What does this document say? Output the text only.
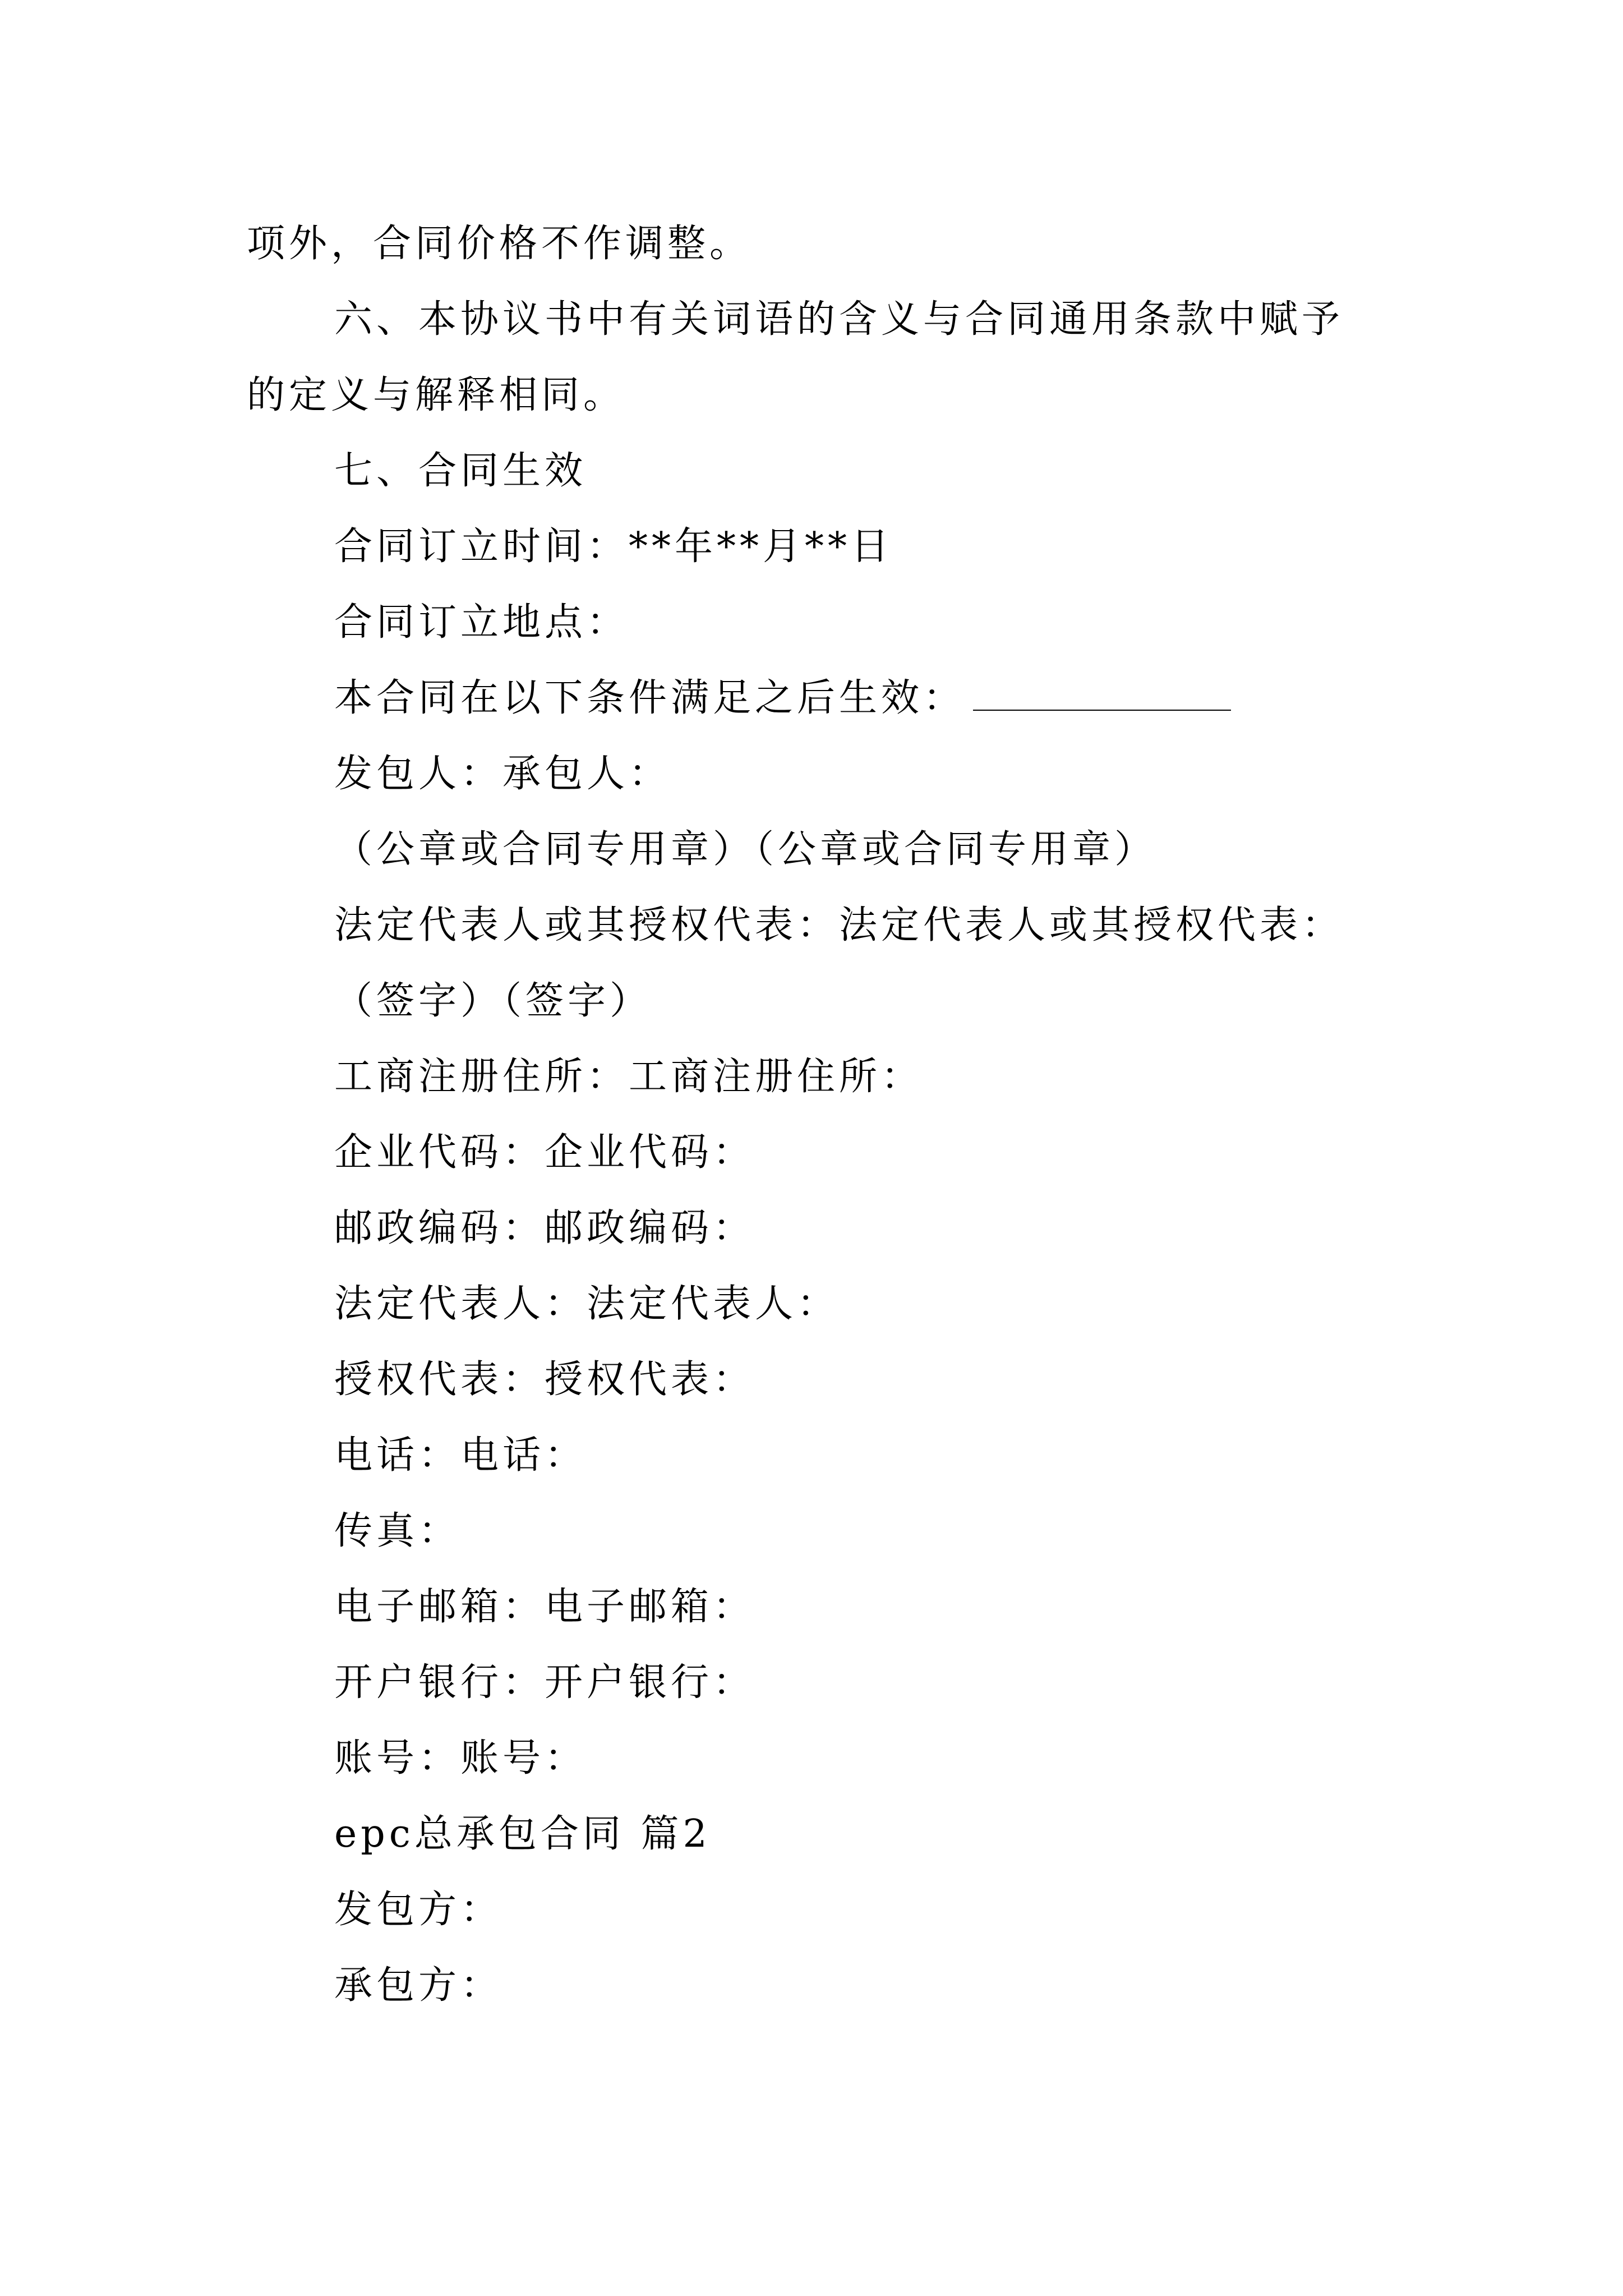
项外，合同价格不作调整。
六、本协议书中有关词语的含义与合同通用条款中赋予
的定义与解释相同。
七、合同生效
合同订立时间：**年**月**日
合同订立地点：
本合同在以下条件满足之后生效：
发包人：承包人：
（公章或合同专用章）（公章或合同专用章）
法定代表人或其授权代表：法定代表人或其授权代表：
（签字）（签字）
工商注册住所：工商注册住所：
企业代码：企业代码：
邮政编码：邮政编码：
法定代表人：法定代表人：
授权代表：授权代表：
电话：电话：
传真：
电子邮箱：电子邮箱：
开户银行：开户银行：
账号：账号：
epc总承包合同 篇2
发包方：
承包方：
